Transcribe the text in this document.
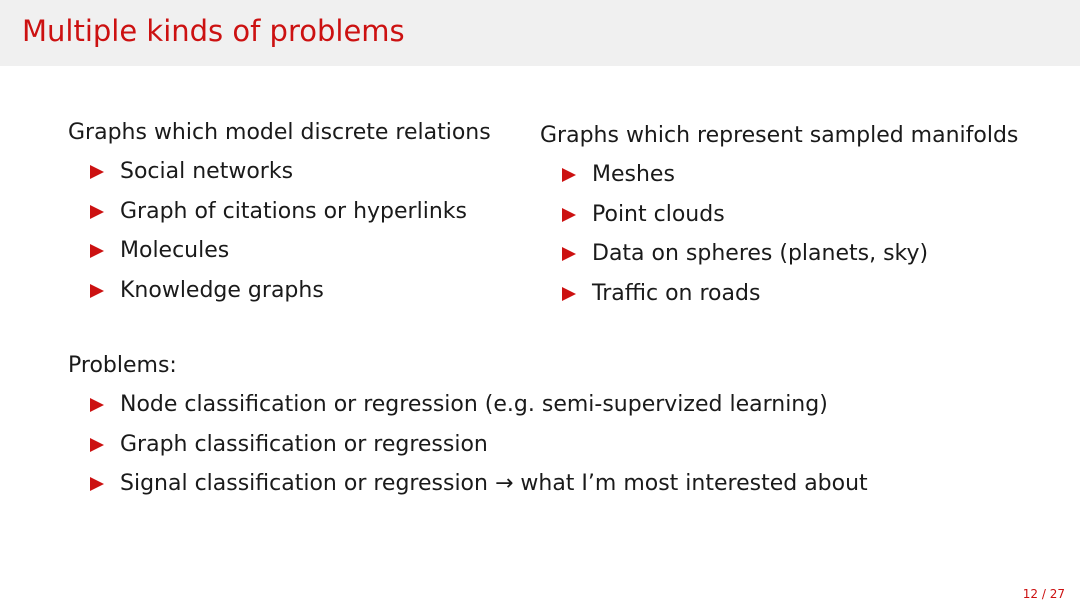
Multiple kinds of problems
Graphs which model discrete relations
Social networks
Graph of citations or hyperlinks
Molecules
Knowledge graphs
Graphs which represent sampled manifolds
Meshes
Point clouds
Data on spheres (planets, sky)
Traffic on roads
Problems:
Node classification or regression (e.g. semi-supervized learning)
Graph classification or regression
Signal classification or regression → what I’m most interested about
12 / 27
